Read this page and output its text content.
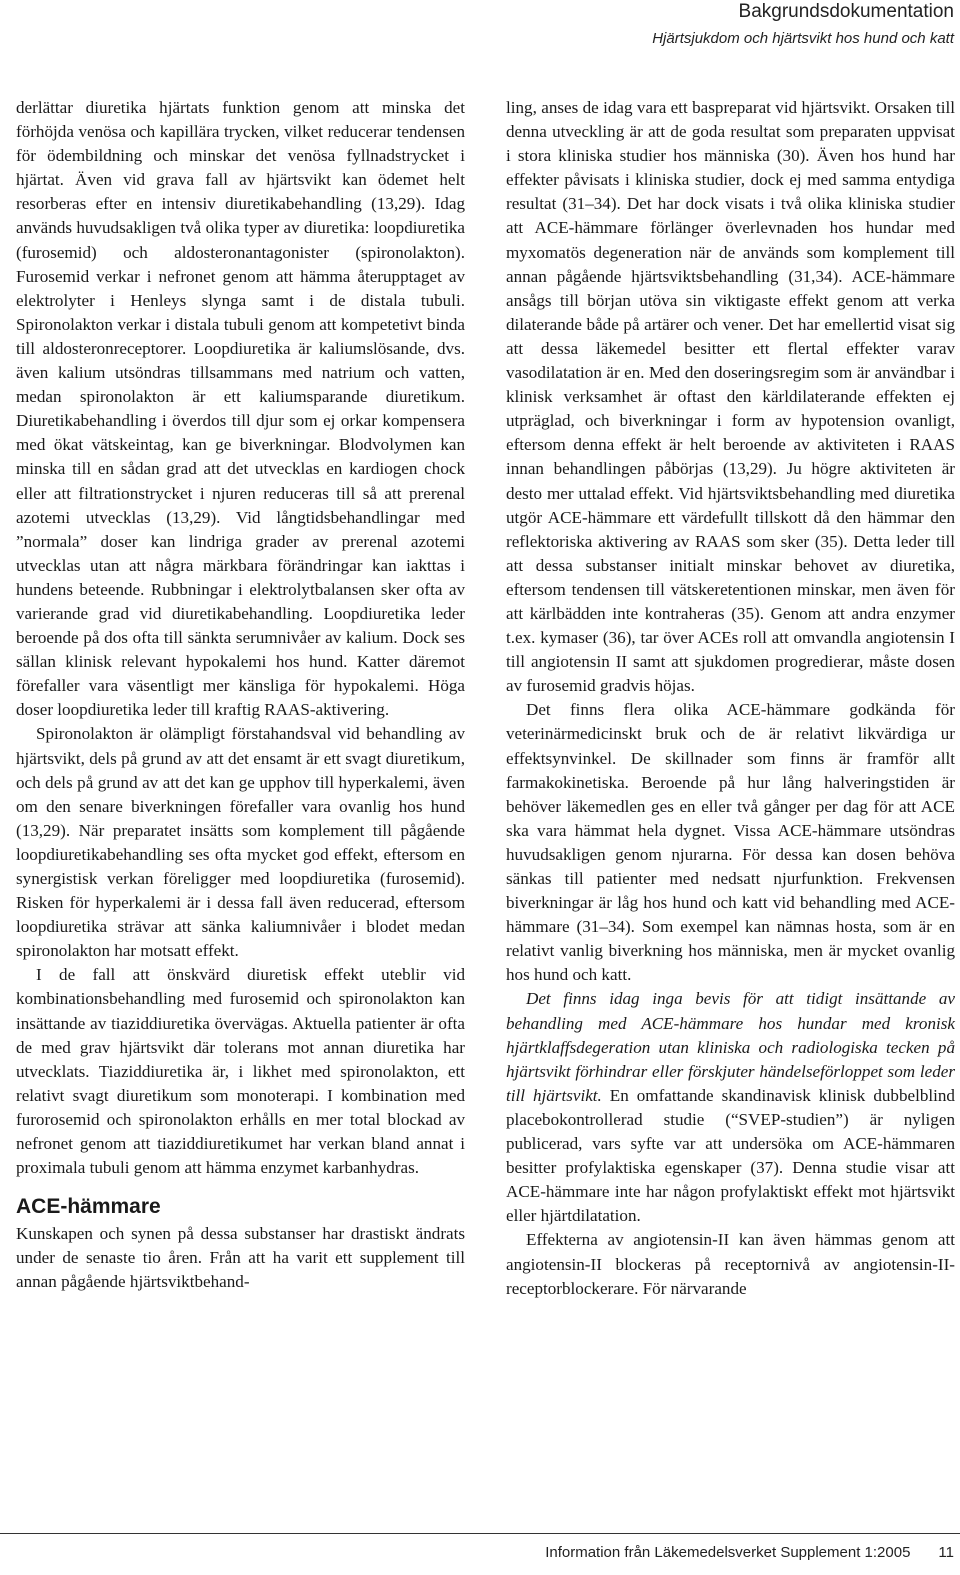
Bakgrundsdokumentation
Hjärtsjukdom och hjärtsvikt hos hund och katt

derlättar diuretika hjärtats funktion genom att minska det förhöjda venösa och kapillära trycken, vilket reducerar tendensen för ödembildning och minskar det venösa fyllnadstrycket i hjärtat. Även vid grava fall av hjärtsvikt kan ödemet helt resorberas efter en intensiv diuretikabehandling (13,29). Idag används huvudsakligen två olika typer av diuretika: loopdiuretika (furosemid) och aldosteronantagonister (spironolakton). Furosemid verkar i nefronet genom att hämma återupptaget av elektrolyter i Henleys slynga samt i de distala tubuli. Spironolakton verkar i distala tubuli genom att kompetetivt binda till aldosteronreceptorer. Loopdiuretika är kaliumslösande, dvs. även kalium utsöndras tillsammans med natrium och vatten, medan spironolakton är ett kaliumsparande diuretikum. Diuretikabehandling i överdos till djur som ej orkar kompensera med ökat vätskeintag, kan ge biverkningar. Blodvolymen kan minska till en sådan grad att det utvecklas en kardiogen chock eller att filtrationstrycket i njuren reduceras till så att prerenal azotemi utvecklas (13,29). Vid långtidsbehandlingar med ”normala” doser kan lindriga grader av prerenal azotemi utvecklas utan att några märkbara förändringar kan iakttas i hundens beteende. Rubbningar i elektrolytbalansen sker ofta av varierande grad vid diuretikabehandling. Loopdiuretika leder beroende på dos ofta till sänkta serumnivåer av kalium. Dock ses sällan klinisk relevant hypokalemi hos hund. Katter däremot förefaller vara väsentligt mer känsliga för hypokalemi. Höga doser loopdiuretika leder till kraftig RAAS-aktivering.

Spironolakton är olämpligt förstahandsval vid behandling av hjärtsvikt, dels på grund av att det ensamt är ett svagt diuretikum, och dels på grund av att det kan ge upphov till hyperkalemi, även om den senare biverkningen förefaller vara ovanlig hos hund (13,29). När preparatet insätts som komplement till pågående loopdiuretikabehandling ses ofta mycket god effekt, eftersom en synergistisk verkan föreligger med loopdiuretika (furosemid). Risken för hyperkalemi är i dessa fall även reducerad, eftersom loopdiuretika strävar att sänka kaliumnivåer i blodet medan spironolakton har motsatt effekt.

I de fall att önskvärd diuretisk effekt uteblir vid kombinationsbehandling med furosemid och spironolakton kan insättande av tiaziddiuretika övervägas. Aktuella patienter är ofta de med grav hjärtsvikt där tolerans mot annan diuretika har utvecklats. Tiaziddiuretika är, i likhet med spironolakton, ett relativt svagt diuretikum som monoterapi. I kombination med furorosemid och spironolakton erhålls en mer total blockad av nefronet genom att tiaziddiuretikumet har verkan bland annat i proximala tubuli genom att hämma enzymet karbanhydras.

ACE-hämmare

Kunskapen och synen på dessa substanser har drastiskt ändrats under de senaste tio åren. Från att ha varit ett supplement till annan pågående hjärtsviktbehand-

ling, anses de idag vara ett baspreparat vid hjärtsvikt. Orsaken till denna utveckling är att de goda resultat som preparaten uppvisat i stora kliniska studier hos människa (30). Även hos hund har effekter påvisats i kliniska studier, dock ej med samma entydiga resultat (31–34). Det har dock visats i två olika kliniska studier att ACE-hämmare förlänger överlevnaden hos hundar med myxomatös degeneration när de används som komplement till annan pågående hjärtsviktsbehandling (31,34). ACE-hämmare ansågs till början utöva sin viktigaste effekt genom att verka dilaterande både på artärer och vener. Det har emellertid visat sig att dessa läkemedel besitter ett flertal effekter varav vasodilatation är en. Med den doseringsregim som är användbar i klinisk verksamhet är oftast den kärldilaterande effekten ej utpräglad, och biverkningar i form av hypotension ovanligt, eftersom denna effekt är helt beroende av aktiviteten i RAAS innan behandlingen påbörjas (13,29). Ju högre aktiviteten är desto mer uttalad effekt. Vid hjärtsviktsbehandling med diuretika utgör ACE-hämmare ett värdefullt tillskott då den hämmar den reflektoriska aktivering av RAAS som sker (35). Detta leder till att dessa substanser initialt minskar behovet av diuretika, eftersom tendensen till vätskeretentionen minskar, men även för att kärlbädden inte kontraheras (35). Genom att andra enzymer t.ex. kymaser (36), tar över ACEs roll att omvandla angiotensin I till angiotensin II samt att sjukdomen progredierar, måste dosen av furosemid gradvis höjas.

Det finns flera olika ACE-hämmare godkända för veterinärmedicinskt bruk och de är relativt likvärdiga ur effektsynvinkel. De skillnader som finns är framför allt farmakokinetiska. Beroende på hur lång halveringstiden är behöver läkemedlen ges en eller två gånger per dag för att ACE ska vara hämmat hela dygnet. Vissa ACE-hämmare utsöndras huvudsakligen genom njurarna. För dessa kan dosen behöva sänkas till patienter med nedsatt njurfunktion. Frekvensen biverkningar är låg hos hund och katt vid behandling med ACE-hämmare (31–34). Som exempel kan nämnas hosta, som är en relativt vanlig biverkning hos människa, men är mycket ovanlig hos hund och katt.

Det finns idag inga bevis för att tidigt insättande av behandling med ACE-hämmare hos hundar med kronisk hjärtklaffsdegeration utan kliniska och radiologiska tecken på hjärtsvikt förhindrar eller förskjuter händelseförloppet som leder till hjärtsvikt. En omfattande skandinavisk klinisk dubbelblind placebokontrollerad studie (“SVEP-studien”) är nyligen publicerad, vars syfte var att undersöka om ACE-hämmaren besitter profylaktiska egenskaper (37). Denna studie visar att ACE-hämmare inte har någon profylaktiskt effekt mot hjärtsvikt eller hjärtdilatation.

Effekterna av angiotensin-II kan även hämmas genom att angiotensin-II blockeras på receptornivå av angiotensin-II-receptorblockerare. För närvarande

Information från Läkemedelsverket Supplement 1:2005 11
